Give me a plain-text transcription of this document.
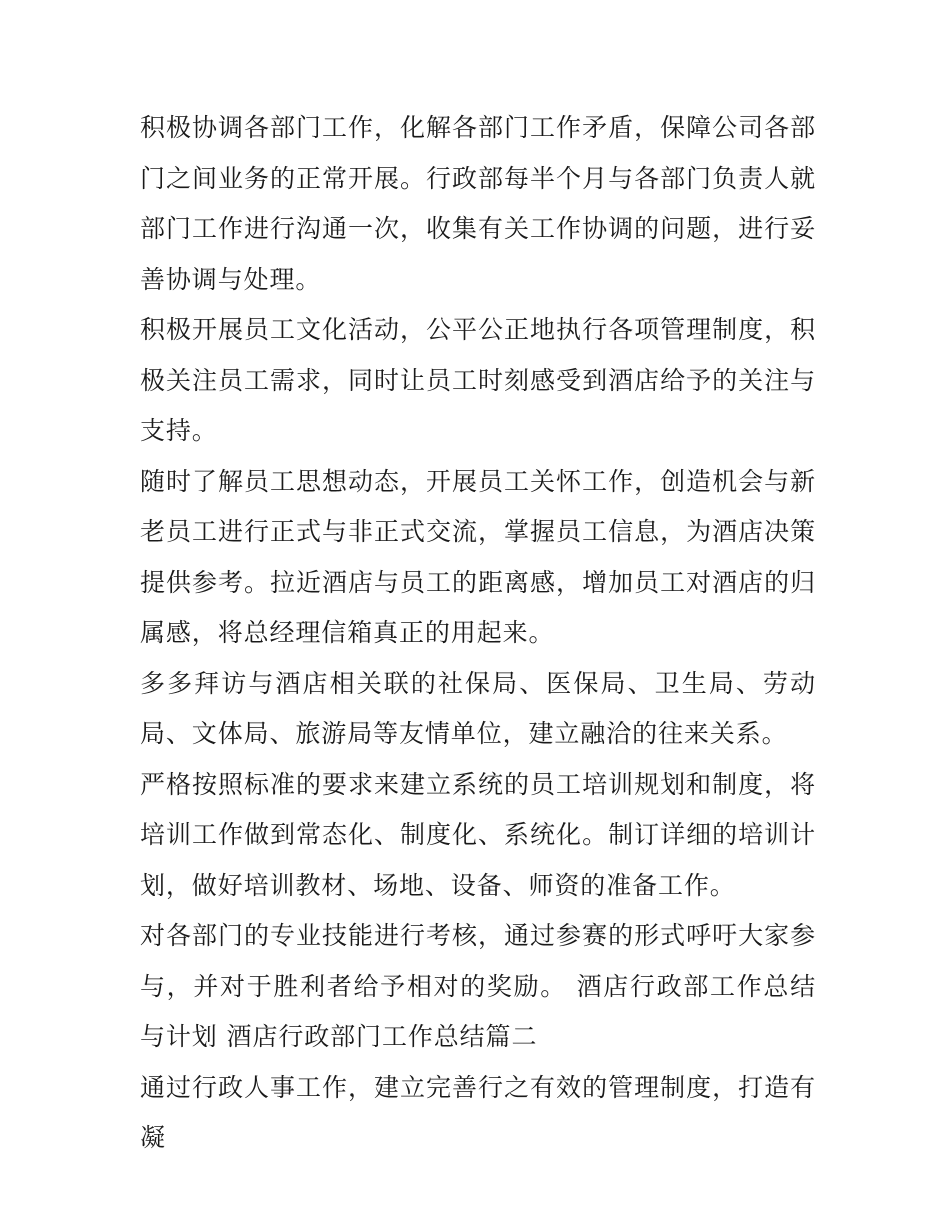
积极协调各部门工作，化解各部门工作矛盾，保障公司各部门之间业务的正常开展。行政部每半个月与各部门负责人就部门工作进行沟通一次，收集有关工作协调的问题，进行妥善协调与处理。

积极开展员工文化活动，公平公正地执行各项管理制度，积极关注员工需求，同时让员工时刻感受到酒店给予的关注与支持。

随时了解员工思想动态，开展员工关怀工作，创造机会与新老员工进行正式与非正式交流，掌握员工信息，为酒店决策提供参考。拉近酒店与员工的距离感，增加员工对酒店的归属感，将总经理信箱真正的用起来。

多多拜访与酒店相关联的社保局、医保局、卫生局、劳动局、文体局、旅游局等友情单位，建立融洽的往来关系。

严格按照标准的要求来建立系统的员工培训规划和制度，将培训工作做到常态化、制度化、系统化。制订详细的培训计划，做好培训教材、场地、设备、师资的准备工作。

对各部门的专业技能进行考核，通过参赛的形式呼吁大家参与，并对于胜利者给予相对的奖励。 酒店行政部工作总结与计划 酒店行政部门工作总结篇二

通过行政人事工作，建立完善行之有效的管理制度，打造有凝
